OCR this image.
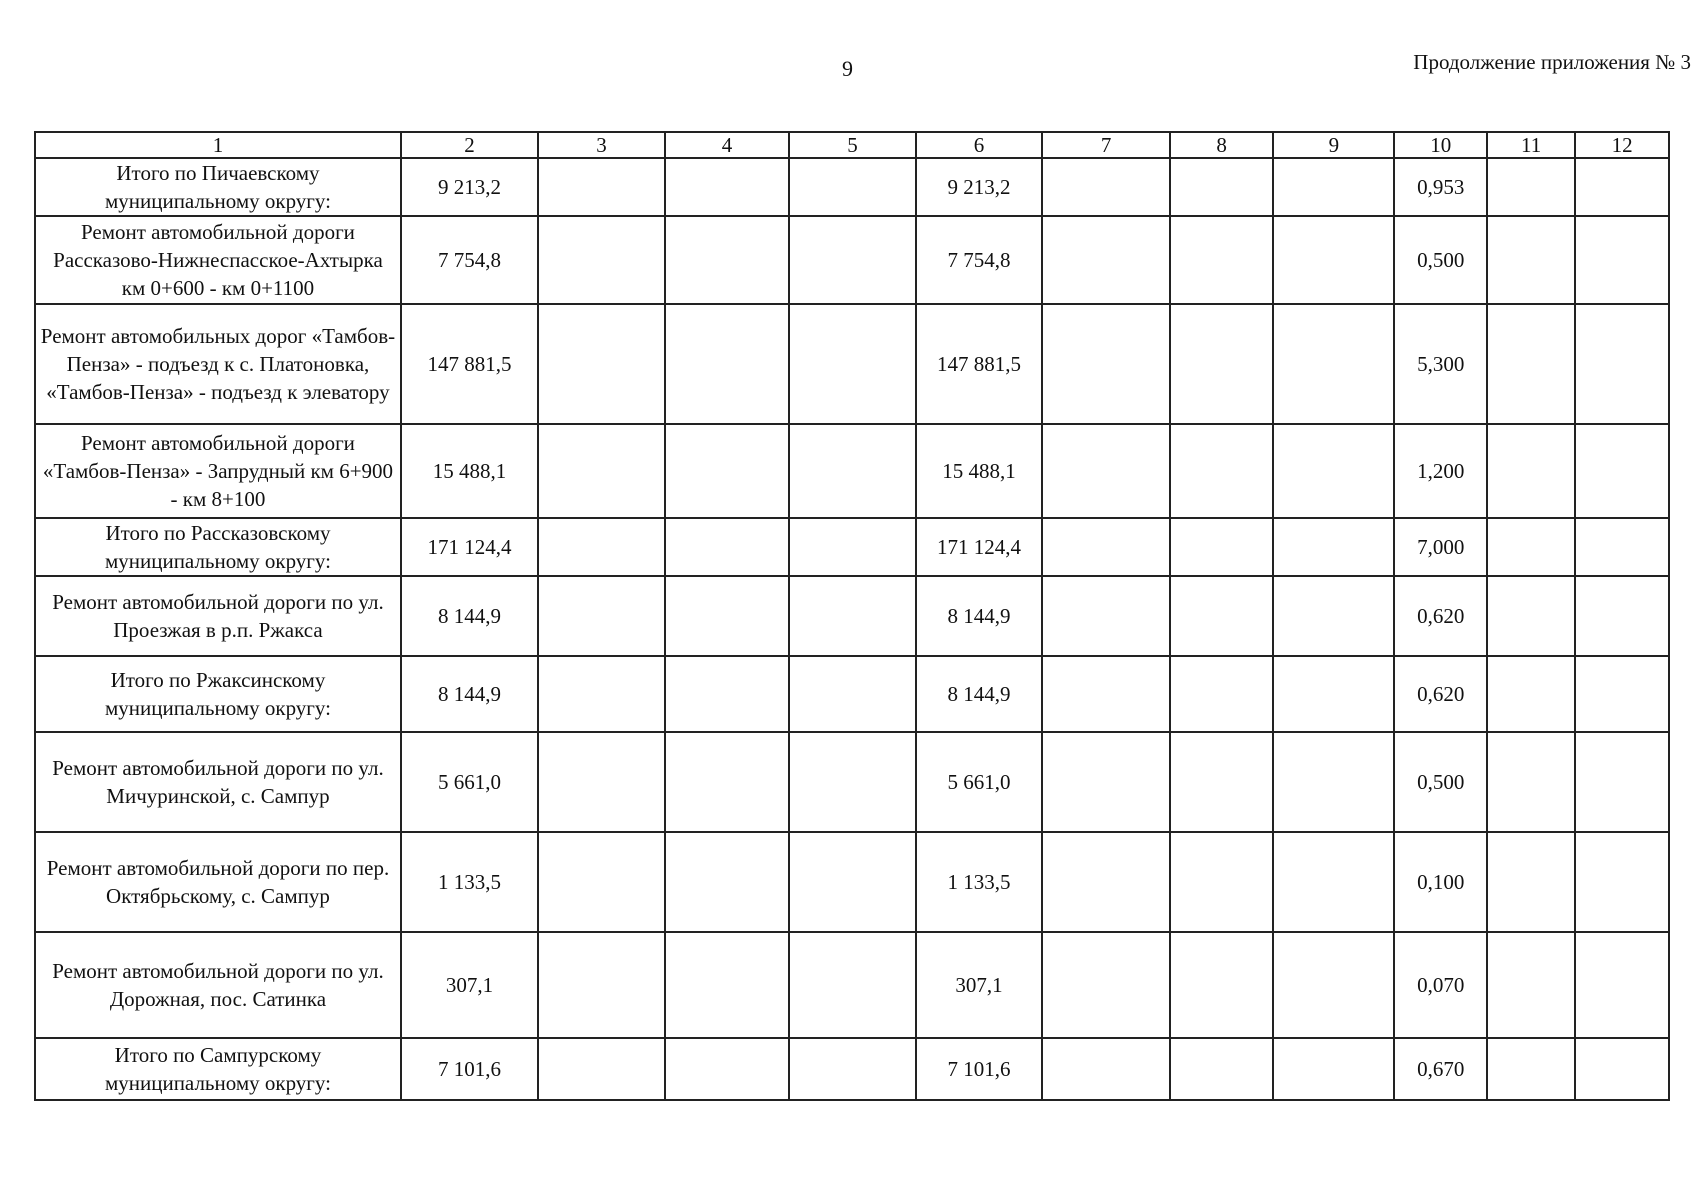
9	Продолжение приложения № 3
1	2	3	4	5	6	7	8	9	10	11	12
Итого по Пичаевскому муниципальному округу:	9 213,2				9 213,2				0,953		
Ремонт автомобильной дороги Рассказово-Нижнеспасское-Ахтырка км 0+600 - км 0+1100	7 754,8				7 754,8				0,500		
Ремонт автомобильных дорог «Тамбов-Пенза» - подъезд к с. Платоновка, «Тамбов-Пенза» - подъезд к элеватору	147 881,5				147 881,5				5,300		
Ремонт автомобильной дороги «Тамбов-Пенза» - Запрудный км 6+900 - км 8+100	15 488,1				15 488,1				1,200		
Итого по Рассказовскому муниципальному округу:	171 124,4				171 124,4				7,000		
Ремонт автомобильной дороги по ул. Проезжая в р.п. Ржакса	8 144,9				8 144,9				0,620		
Итого по Ржаксинскому муниципальному округу:	8 144,9				8 144,9				0,620		
Ремонт автомобильной дороги по ул. Мичуринской, с. Сампур	5 661,0				5 661,0				0,500		
Ремонт автомобильной дороги по пер. Октябрьскому, с. Сампур	1 133,5				1 133,5				0,100		
Ремонт автомобильной дороги по ул. Дорожная, пос. Сатинка	307,1				307,1				0,070		
Итого по Сампурскому муниципальному округу:	7 101,6				7 101,6				0,670		
